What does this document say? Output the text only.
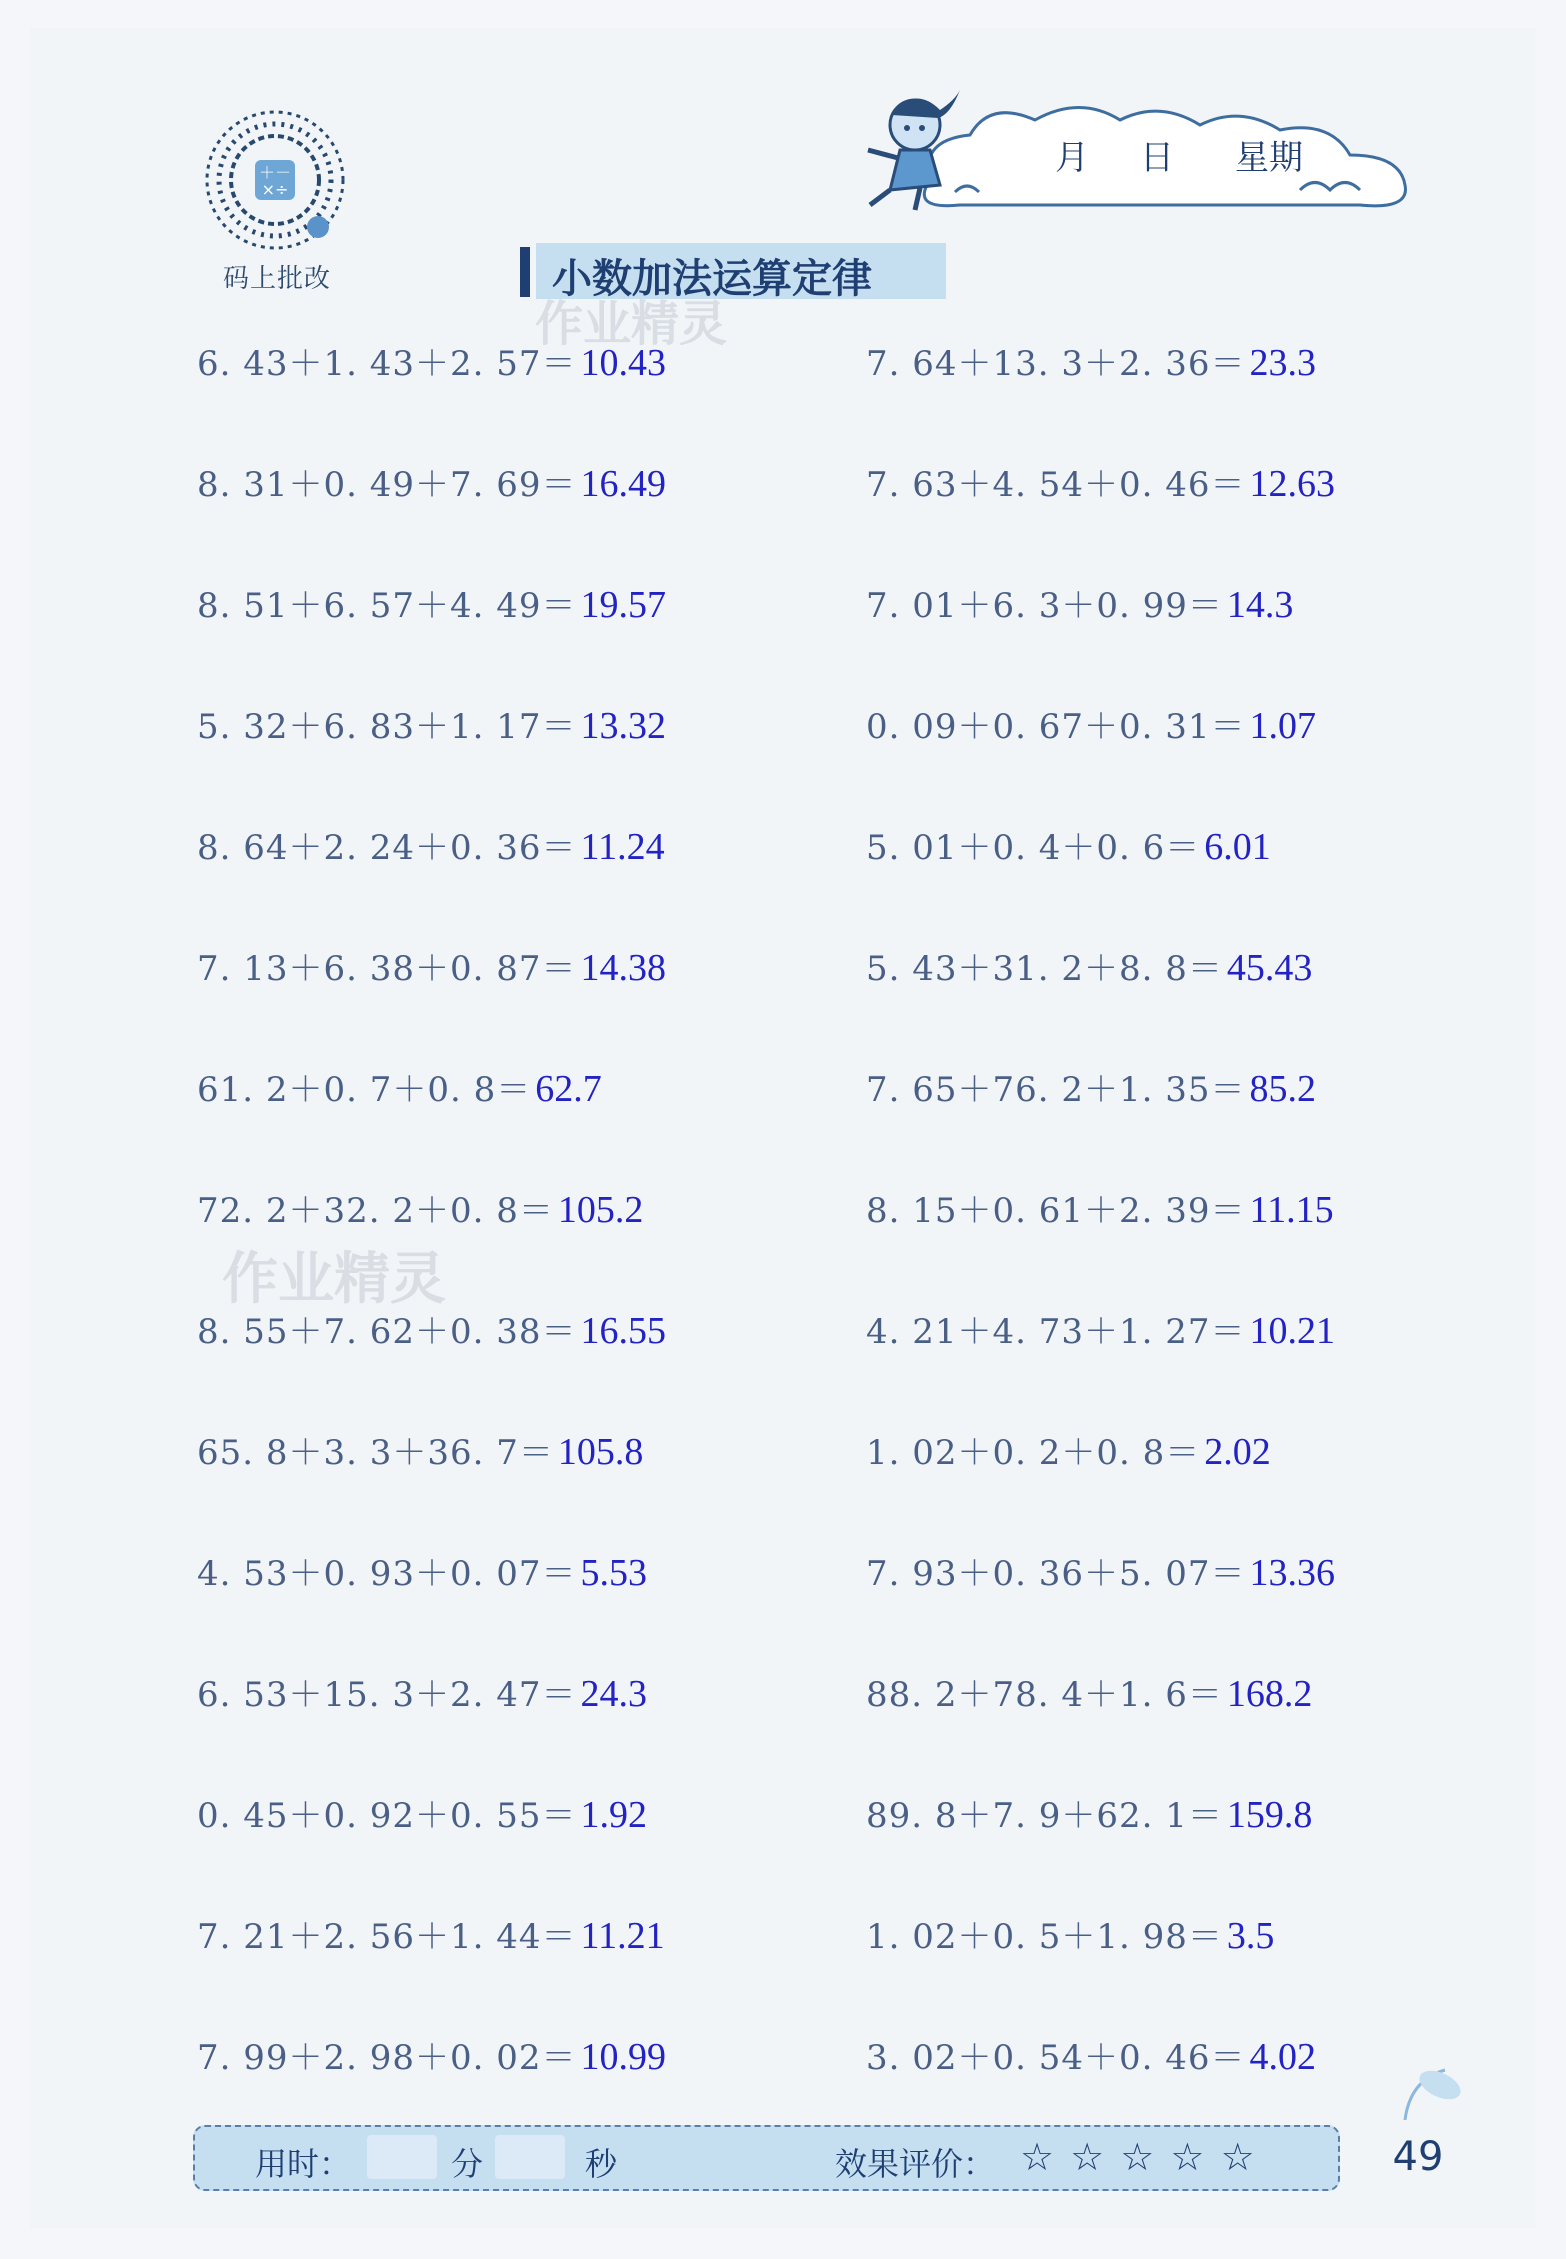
＋－
×÷
码上批改
月 日 星期
小数加法运算定律
作业精灵
作业精灵
6. 43＋1. 43＋2. 57＝ 10.43
8. 31＋0. 49＋7. 69＝ 16.49
8. 51＋6. 57＋4. 49＝ 19.57
5. 32＋6. 83＋1. 17＝ 13.32
8. 64＋2. 24＋0. 36＝ 11.24
7. 13＋6. 38＋0. 87＝ 14.38
61. 2＋0. 7＋0. 8＝ 62.7
72. 2＋32. 2＋0. 8＝ 105.2
8. 55＋7. 62＋0. 38＝ 16.55
65. 8＋3. 3＋36. 7＝ 105.8
4. 53＋0. 93＋0. 07＝ 5.53
6. 53＋15. 3＋2. 47＝ 24.3
0. 45＋0. 92＋0. 55＝ 1.92
7. 21＋2. 56＋1. 44＝ 11.21
7. 99＋2. 98＋0. 02＝ 10.99
7. 64＋13. 3＋2. 36＝ 23.3
7. 63＋4. 54＋0. 46＝ 12.63
7. 01＋6. 3＋0. 99＝ 14.3
0. 09＋0. 67＋0. 31＝ 1.07
5. 01＋0. 4＋0. 6＝ 6.01
5. 43＋31. 2＋8. 8＝ 45.43
7. 65＋76. 2＋1. 35＝ 85.2
8. 15＋0. 61＋2. 39＝ 11.15
4. 21＋4. 73＋1. 27＝ 10.21
1. 02＋0. 2＋0. 8＝ 2.02
7. 93＋0. 36＋5. 07＝ 13.36
88. 2＋78. 4＋1. 6＝ 168.2
89. 8＋7. 9＋62. 1＝ 159.8
1. 02＋0. 5＋1. 98＝ 3.5
3. 02＋0. 54＋0. 46＝ 4.02
用时：	分	秒	效果评价： ☆ ☆ ☆ ☆ ☆	49
